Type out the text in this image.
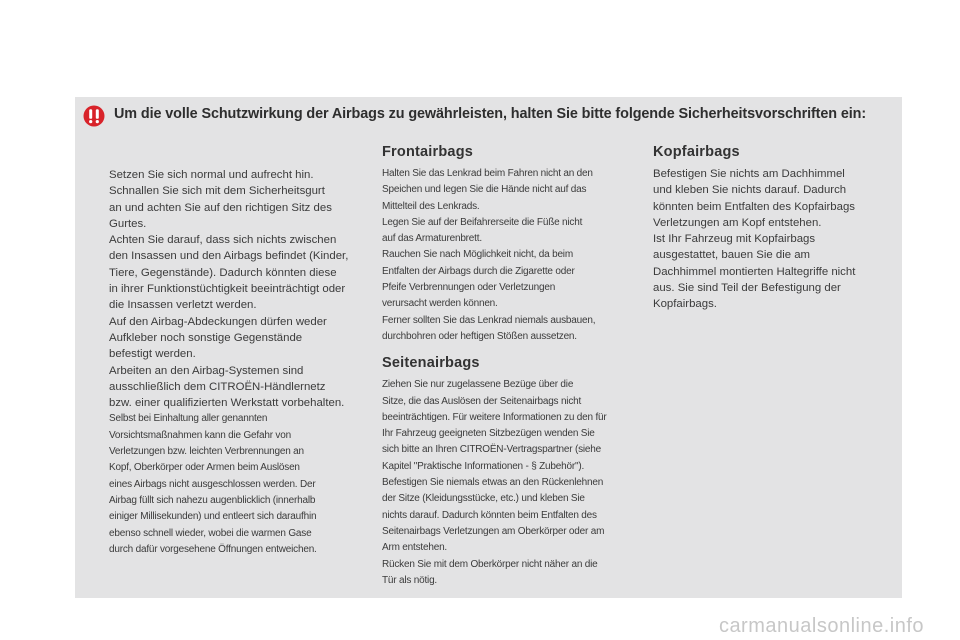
Um die volle Schutzwirkung der Airbags zu gewährleisten, halten Sie bitte folgende Sicherheitsvorschriften ein:
Setzen Sie sich normal und aufrecht hin.
Schnallen Sie sich mit dem Sicherheitsgurt
an und achten Sie auf den richtigen Sitz des
Gurtes.
Achten Sie darauf, dass sich nichts zwischen
den Insassen und den Airbags befindet (Kinder,
Tiere, Gegenstände). Dadurch könnten diese
in ihrer Funktionstüchtigkeit beeinträchtigt oder
die Insassen verletzt werden.
Auf den Airbag-Abdeckungen dürfen weder
Aufkleber noch sonstige Gegenstände
befestigt werden.
Arbeiten an den Airbag-Systemen sind
ausschließlich dem CITROËN-Händlernetz
bzw. einer qualifizierten Werkstatt vorbehalten.
Selbst bei Einhaltung aller genannten
Vorsichtsmaßnahmen kann die Gefahr von
Verletzungen bzw. leichten Verbrennungen an
Kopf, Oberkörper oder Armen beim Auslösen
eines Airbags nicht ausgeschlossen werden. Der
Airbag füllt sich nahezu augenblicklich (innerhalb
einiger Millisekunden) und entleert sich daraufhin
ebenso schnell wieder, wobei die warmen Gase
durch dafür vorgesehene Öffnungen entweichen.
Frontairbags
Halten Sie das Lenkrad beim Fahren nicht an den
Speichen und legen Sie die Hände nicht auf das
Mittelteil des Lenkrads.
Legen Sie auf der Beifahrerseite die Füße nicht
auf das Armaturenbrett.
Rauchen Sie nach Möglichkeit nicht, da beim
Entfalten der Airbags durch die Zigarette oder
Pfeife Verbrennungen oder Verletzungen
verursacht werden können.
Ferner sollten Sie das Lenkrad niemals ausbauen,
durchbohren oder heftigen Stößen aussetzen.
Seitenairbags
Ziehen Sie nur zugelassene Bezüge über die
Sitze, die das Auslösen der Seitenairbags nicht
beeinträchtigen. Für weitere Informationen zu den für
Ihr Fahrzeug geeigneten Sitzbezügen wenden Sie
sich bitte an Ihren CITROËN-Vertragspartner (siehe
Kapitel "Praktische Informationen - § Zubehör").
Befestigen Sie niemals etwas an den Rückenlehnen
der Sitze (Kleidungsstücke, etc.) und kleben Sie
nichts darauf. Dadurch könnten beim Entfalten des
Seitenairbags Verletzungen am Oberkörper oder am
Arm entstehen.
Rücken Sie mit dem Oberkörper nicht näher an die
Tür als nötig.
Kopfairbags
Befestigen Sie nichts am Dachhimmel
und kleben Sie nichts darauf. Dadurch
könnten beim Entfalten des Kopfairbags
Verletzungen am Kopf entstehen.
Ist Ihr Fahrzeug mit Kopfairbags
ausgestattet, bauen Sie die am
Dachhimmel montierten Haltegriffe nicht
aus. Sie sind Teil der Befestigung der
Kopfairbags.
carmanualsonline.info
